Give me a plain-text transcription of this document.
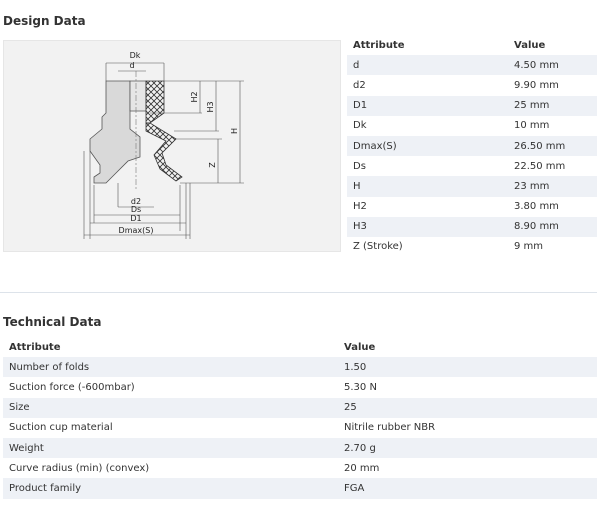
Design Data
Dk
d
H2
H3
H
Z
d2
Ds
D1
Dmax(S)
Attribute	Value
d	4.50 mm
d2	9.90 mm
D1	25 mm
Dk	10 mm
Dmax(S)	26.50 mm
Ds	22.50 mm
H	23 mm
H2	3.80 mm
H3	8.90 mm
Z (Stroke)	9 mm
Technical Data
Attribute	Value
Number of folds	1.50
Suction force (-600mbar)	5.30 N
Size	25
Suction cup material	Nitrile rubber NBR
Weight	2.70 g
Curve radius (min) (convex)	20 mm
Product family	FGA
